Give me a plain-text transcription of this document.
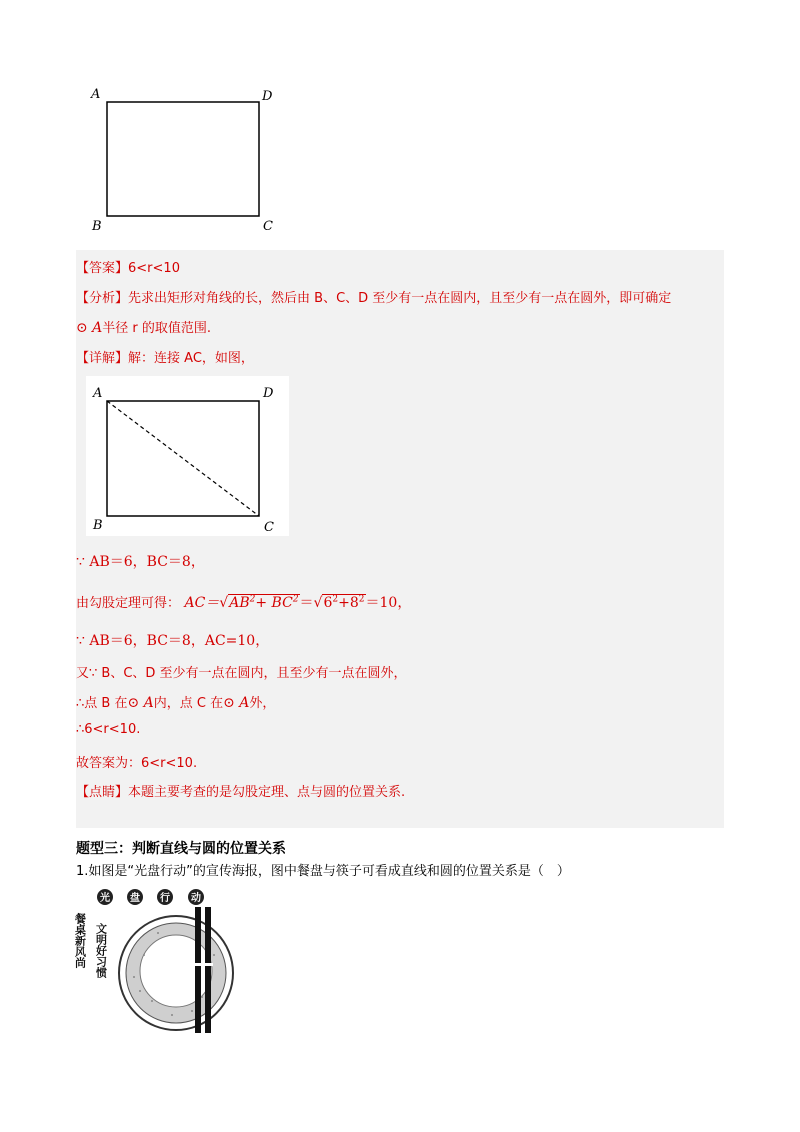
A	D
B	C
【答案】6<r<10
【分析】先求出矩形对角线的长，然后由 B、C、D 至少有一点在圆内，且至少有一点在圆外，即可确定
⊙ A半径 r 的取值范围.
【详解】解：连接 AC，如图，
A	D
B	C
∵ AB＝6，BC＝8，
由勾股定理可得： $AC=√AB^2+ BC^2=√6^2+8^2=10$，
∵ AB＝6，BC＝8，AC=10，
又∵ B、C、D 至少有一点在圆内，且至少有一点在圆外，
∴点 B 在⊙ A内，点 C 在⊙ A外，
∴6<r<10.
故答案为：6<r<10.
【点睛】本题主要考查的是勾股定理、点与圆的位置关系.
题型三：判断直线与圆的位置关系
1.如图是“光盘行动”的宣传海报，图中餐盘与筷子可看成直线和圆的位置关系是（　）
光 盘 行 动
餐桌新风尚 文明好习惯
